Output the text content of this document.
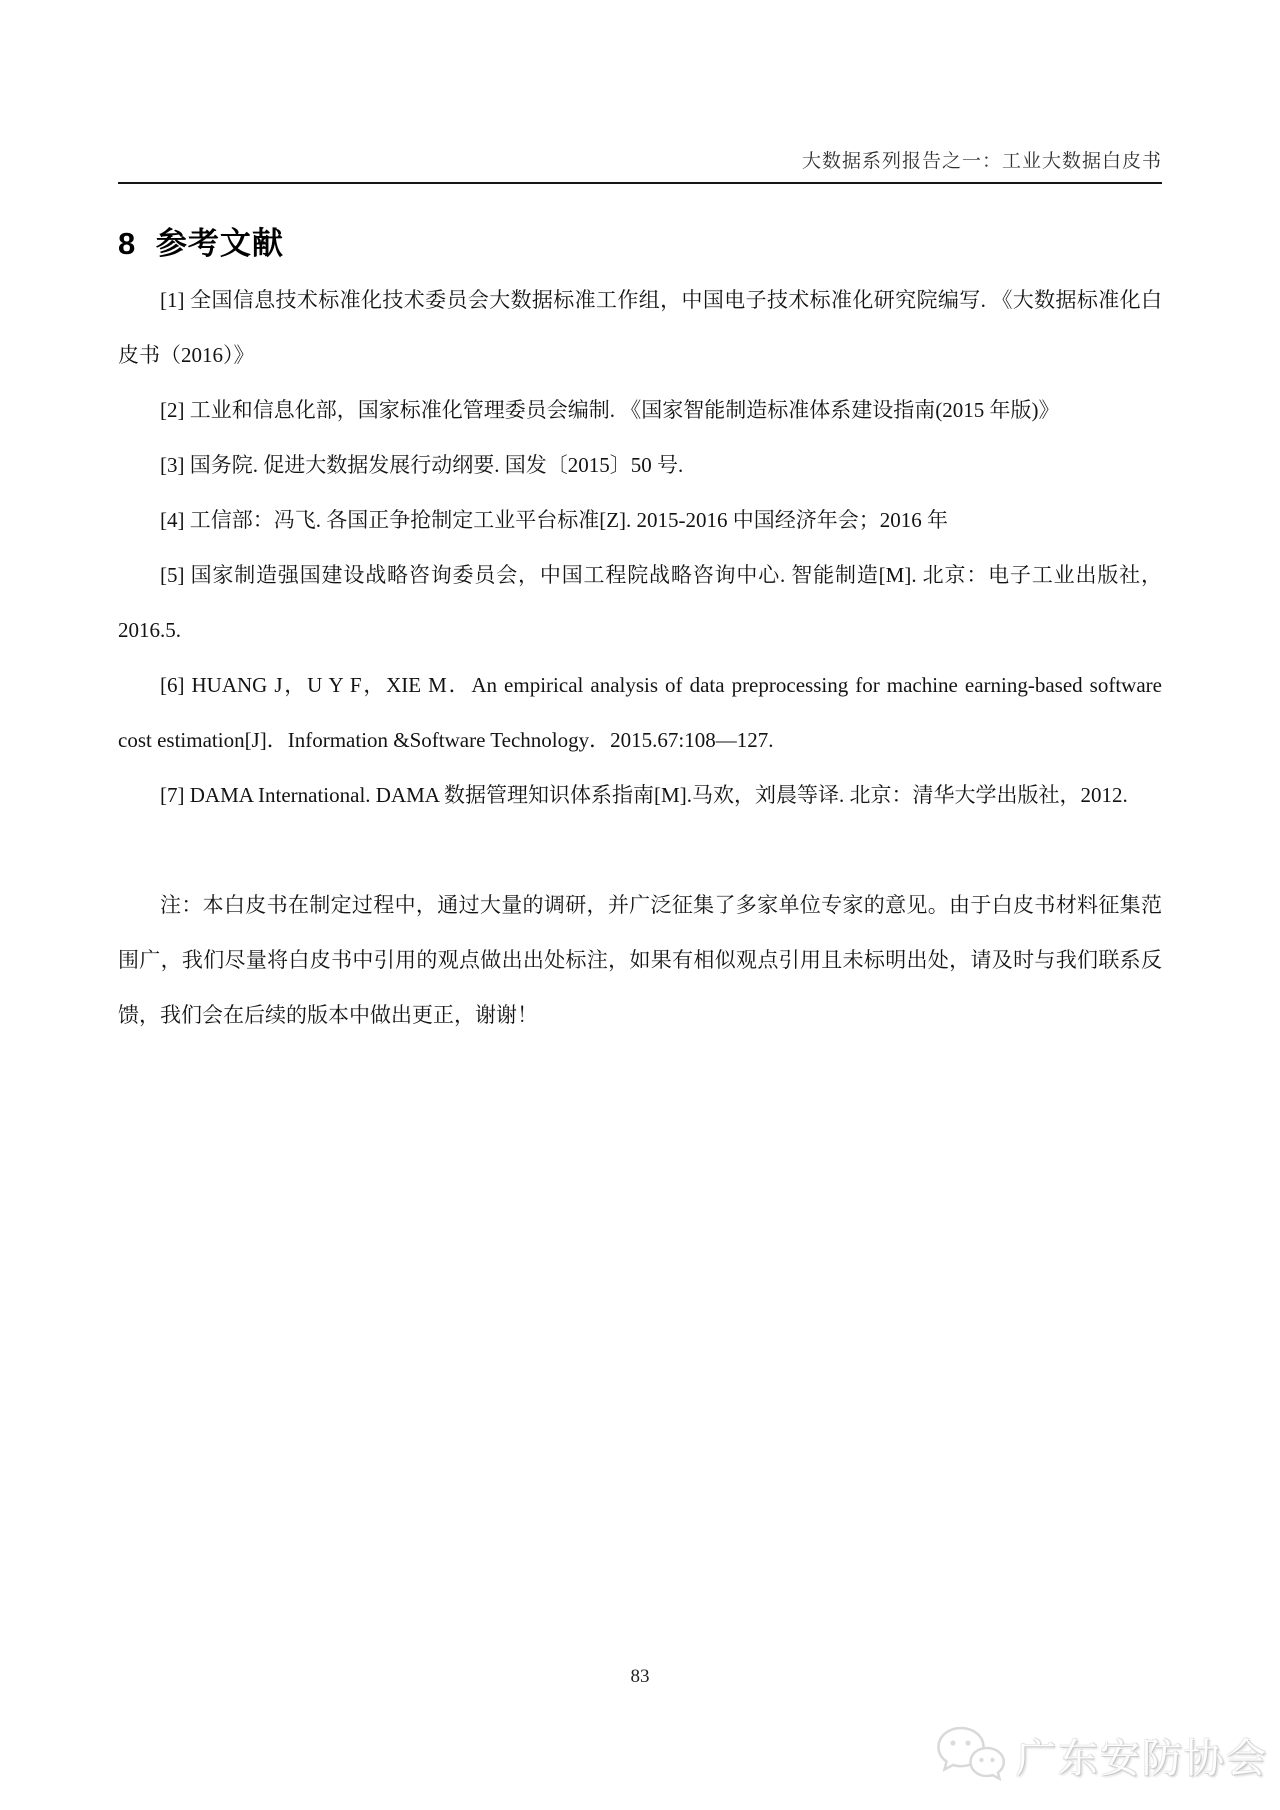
大数据系列报告之一：工业大数据白皮书
8 参考文献

[1] 全国信息技术标准化技术委员会大数据标准工作组，中国电子技术标准化研究院编写. 《大数据标准化白皮书（2016）》

[2] 工业和信息化部，国家标准化管理委员会编制. 《国家智能制造标准体系建设指南(2015 年版)》

[3] 国务院. 促进大数据发展行动纲要. 国发〔2015〕50 号.

[4] 工信部：冯飞. 各国正争抢制定工业平台标准[Z]. 2015-2016 中国经济年会；2016 年

[5] 国家制造强国建设战略咨询委员会，中国工程院战略咨询中心. 智能制造[M]. 北京：电子工业出版社，2016.5.

[6] HUANG J，U Y F，XIE M．An empirical analysis of data preprocessing for machine earning-based software cost estimation[J]．Information &Software Technology．2015.67:108—127.

[7] DAMA International. DAMA 数据管理知识体系指南[M].马欢，刘晨等译. 北京：清华大学出版社，2012.

注：本白皮书在制定过程中，通过大量的调研，并广泛征集了多家单位专家的意见。由于白皮书材料征集范围广，我们尽量将白皮书中引用的观点做出出处标注，如果有相似观点引用且未标明出处，请及时与我们联系反馈，我们会在后续的版本中做出更正，谢谢！

83
广东安防协会
